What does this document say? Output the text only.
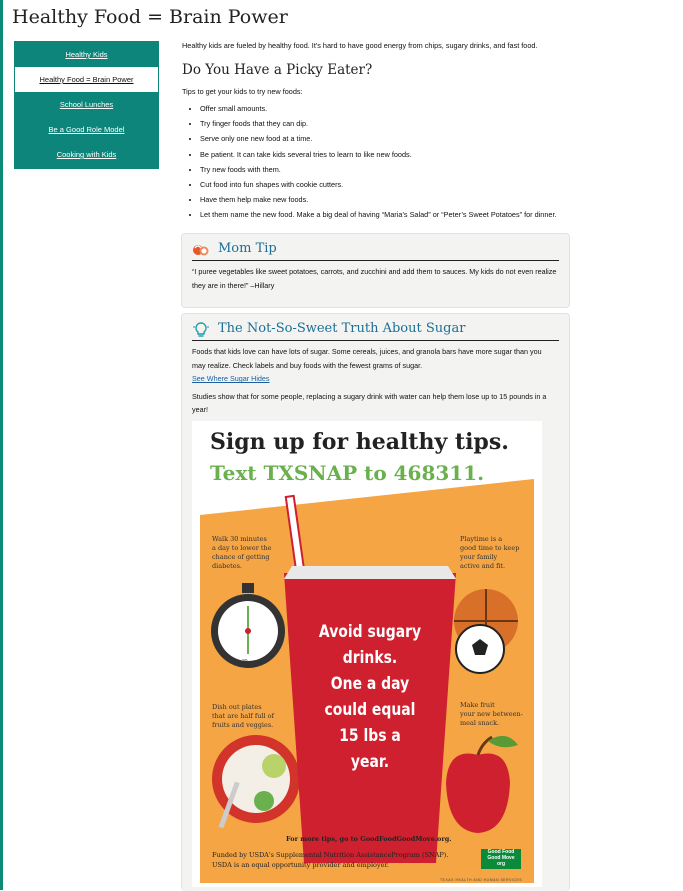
Healthy Food = Brain Power
Healthy Kids
Healthy Food = Brain Power
School Lunches
Be a Good Role Model
Cooking with Kids

Healthy kids are fueled by healthy food. It's hard to have good energy from chips, sugary drinks, and fast food.

Do You Have a Picky Eater?

Tips to get your kids to try new foods:

• Offer small amounts.
• Try finger foods that they can dip.
• Serve only one new food at a time.
• Be patient. It can take kids several tries to learn to like new foods.
• Try new foods with them.
• Cut food into fun shapes with cookie cutters.
• Have them help make new foods.
• Let them name the new food. Make a big deal of having “Maria’s Salad” or “Peter’s Sweet Potatoes” for dinner.
Mom Tip
“I puree vegetables like sweet potatoes, carrots, and zucchini and add them to sauces. My kids do not even realize they are in there!” –Hillary
The Not-So-Sweet Truth About Sugar
Foods that kids love can have lots of sugar. Some cereals, juices, and granola bars have more sugar than you may realize. Check labels and buy foods with the fewest grams of sugar.
See Where Sugar Hides
Studies show that for some people, replacing a sugary drink with water can help them lose up to 15 pounds in a year!
Sign up for healthy tips.
Text TXSNAP to 468311.
Walk 30 minutes
a day to lower the
chance of getting
diabetes.
Playtime is a
good time to keep
your family
active and fit.
Dish out plates
that are half full of
fruits and veggies.
Make fruit
your new between-
meal snack.
30
Avoid sugary
drinks.
One a day
could equal
15 lbs a
year.
For more tips, go to GoodFoodGoodMove.org.
Funded by USDA's Supplemental Nutrition AssistanceProgram (SNAP).
USDA is an equal opportunity provider and employer.
Good Food
Good Move
org
TEXAS HEALTH AND HUMAN SERVICES
